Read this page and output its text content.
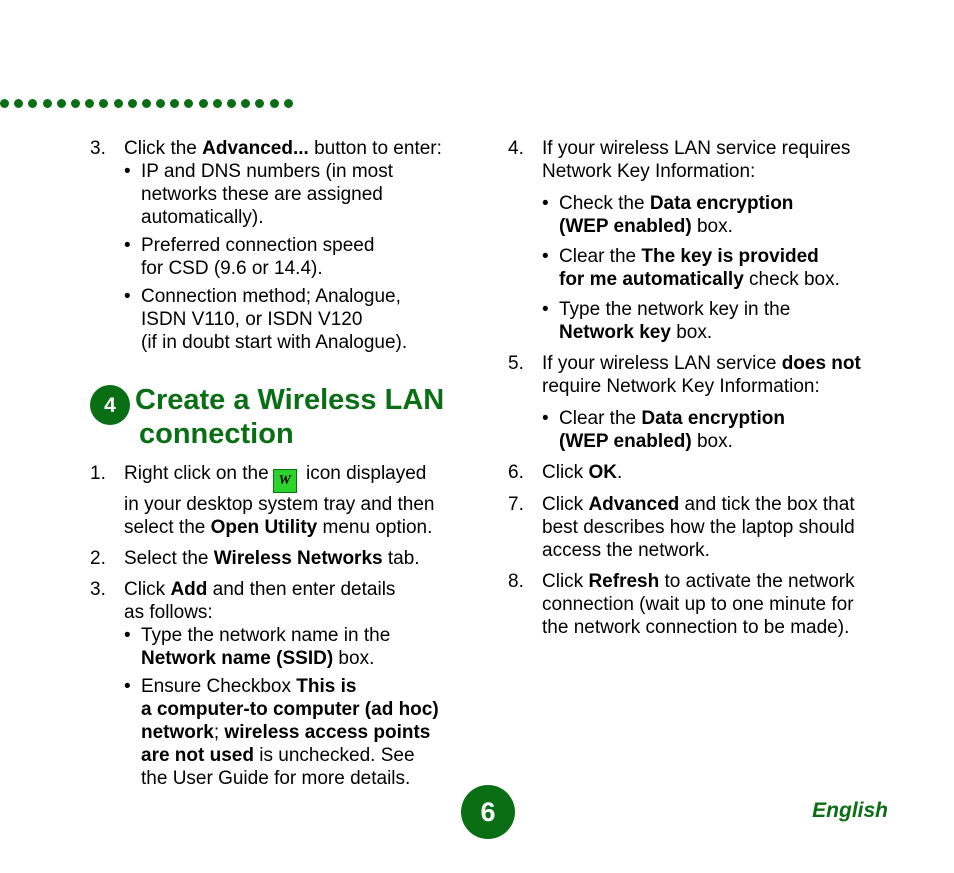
3. Click the Advanced... button to enter:
• IP and DNS numbers (in most
networks these are assigned
automatically).
• Preferred connection speed
for CSD (9.6 or 14.4).
• Connection method; Analogue,
ISDN V110, or ISDN V120
(if in doubt start with Analogue).
4 Create a Wireless LAN
connection
1. Right click on the W icon displayed
in your desktop system tray and then
select the Open Utility menu option.
2. Select the Wireless Networks tab.
3. Click Add and then enter details
as follows:
• Type the network name in the
Network name (SSID) box.
• Ensure Checkbox This is
a computer-to computer (ad hoc)
network; wireless access points
are not used is unchecked. See
the User Guide for more details.
4. If your wireless LAN service requires
Network Key Information:
• Check the Data encryption
(WEP enabled) box.
• Clear the The key is provided
for me automatically check box.
• Type the network key in the
Network key box.
5. If your wireless LAN service does not
require Network Key Information:
• Clear the Data encryption
(WEP enabled) box.
6. Click OK.
7. Click Advanced and tick the box that
best describes how the laptop should
access the network.
8. Click Refresh to activate the network
connection (wait up to one minute for
the network connection to be made).
6	English
